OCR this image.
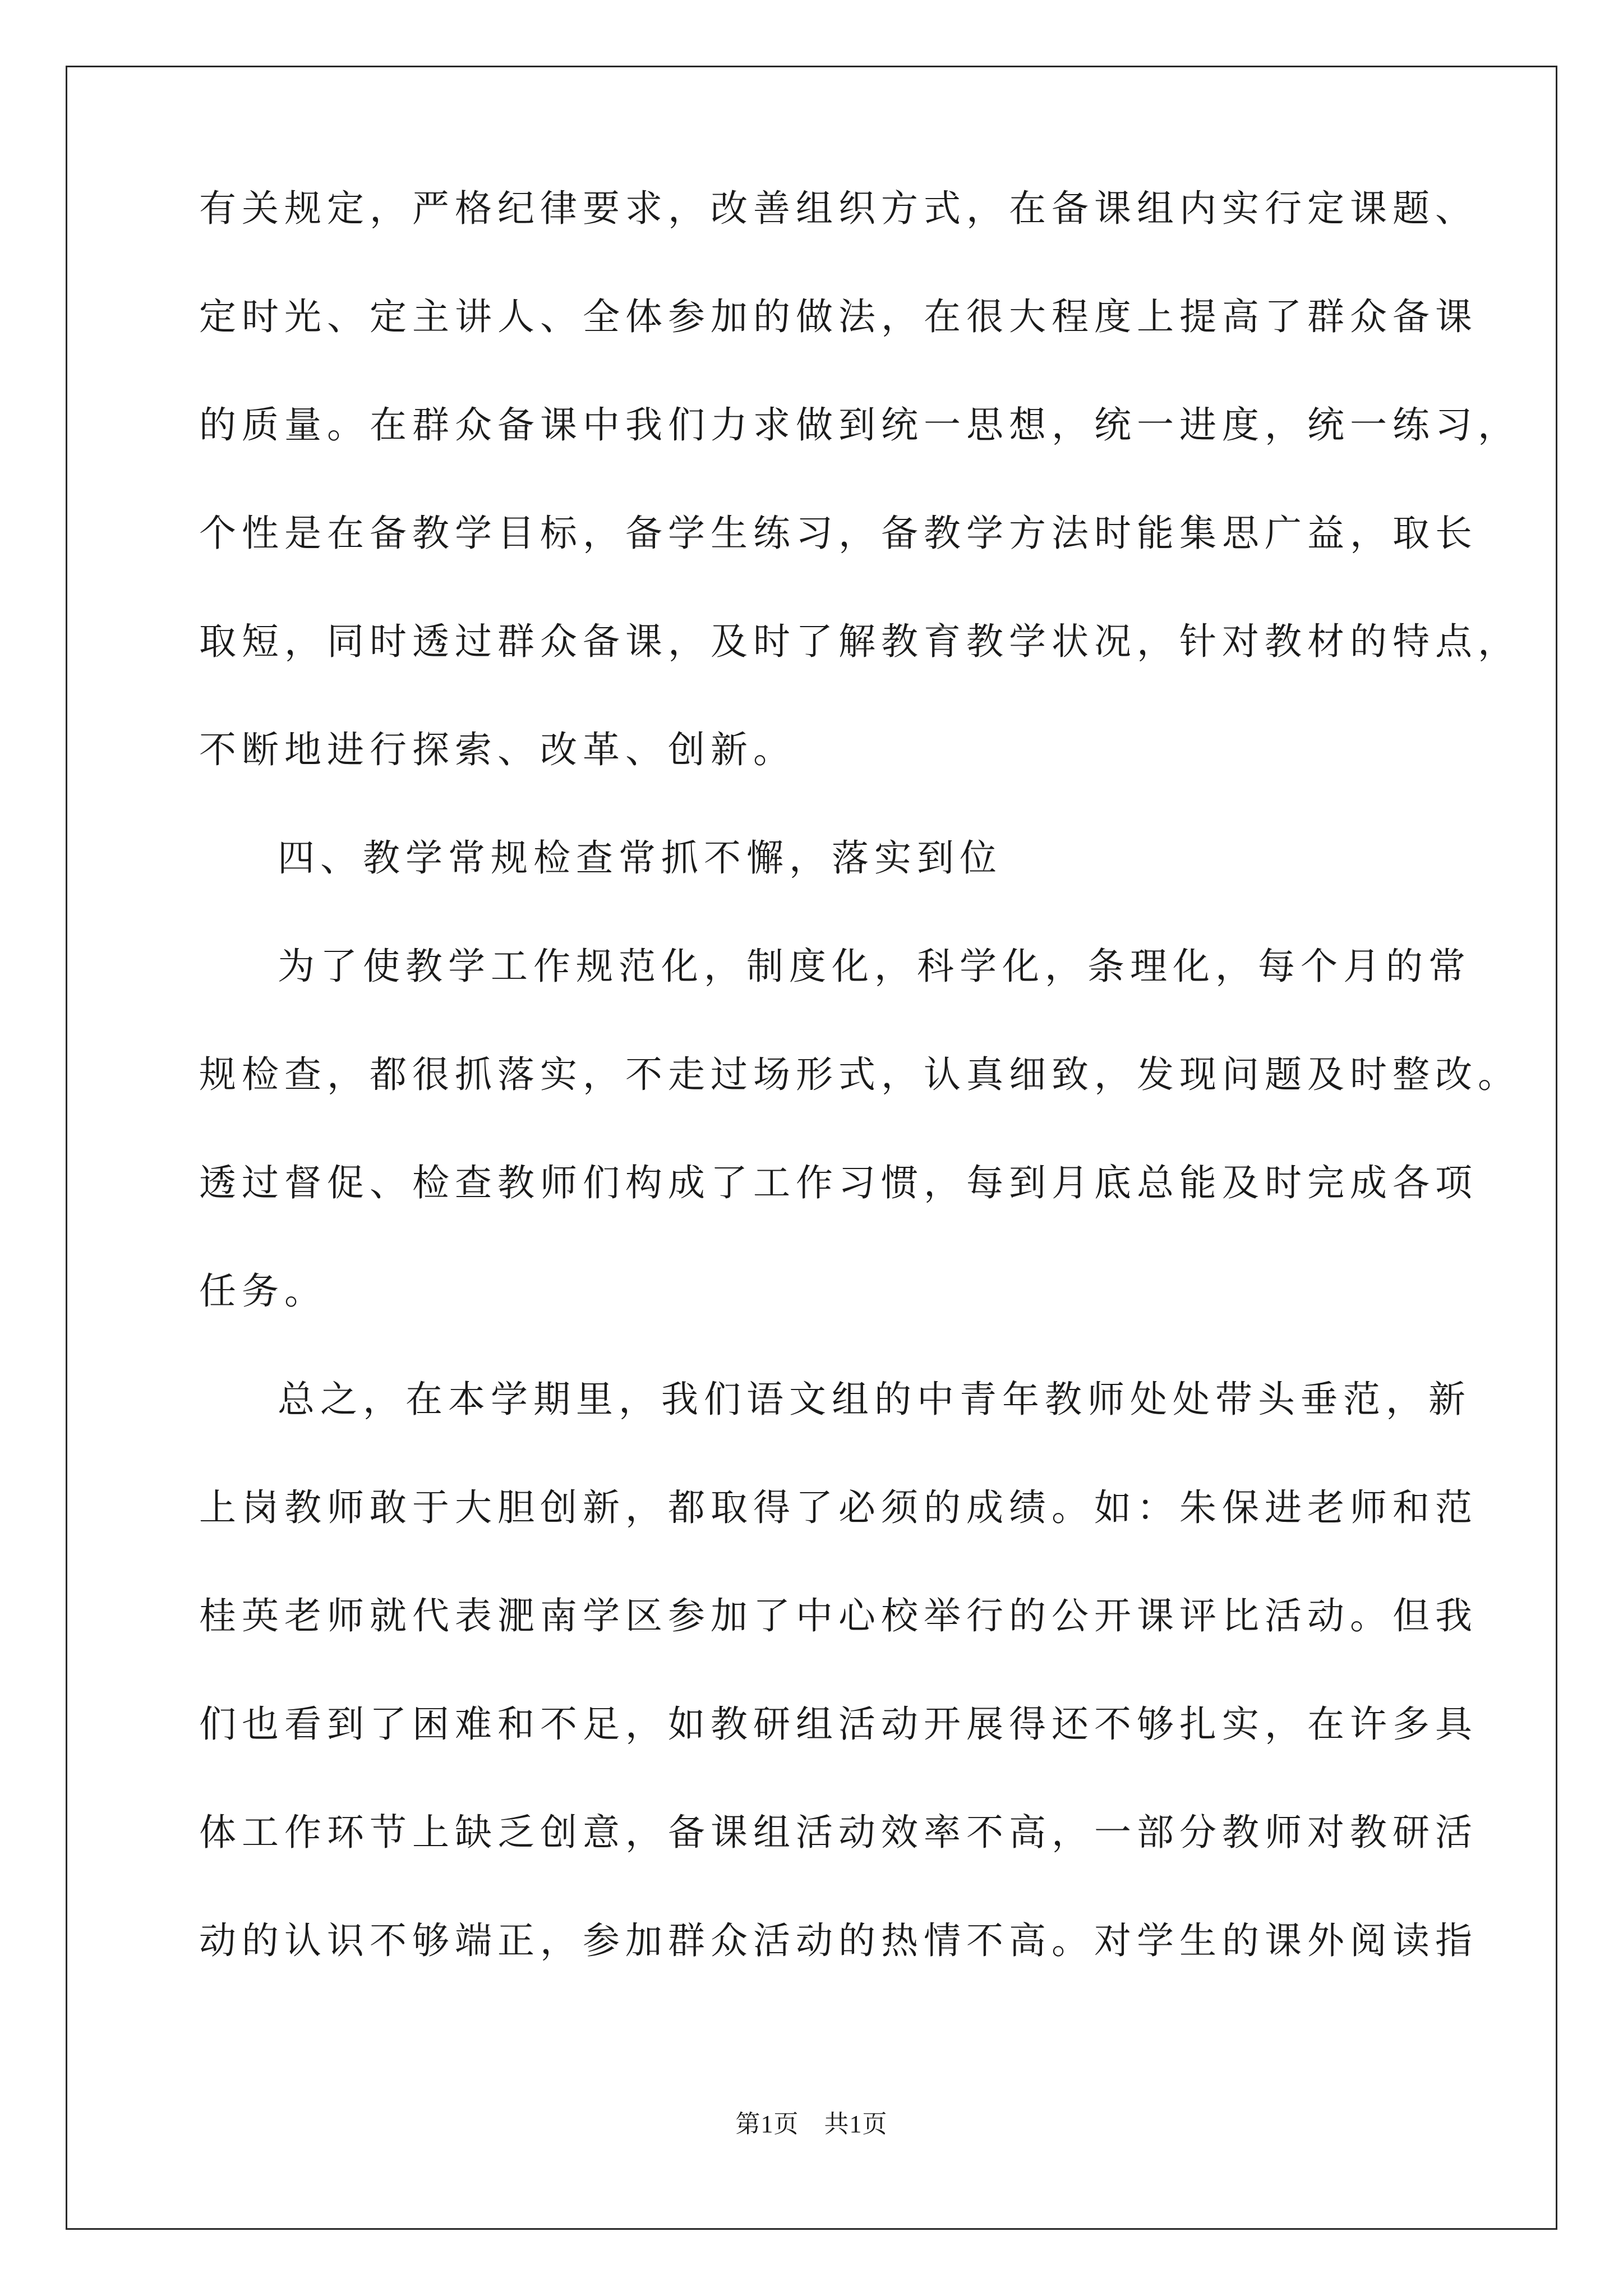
有关规定，严格纪律要求，改善组织方式，在备课组内实行定课题、
定时光、定主讲人、全体参加的做法，在很大程度上提高了群众备课
的质量。在群众备课中我们力求做到统一思想，统一进度，统一练习，
个性是在备教学目标，备学生练习，备教学方法时能集思广益，取长
取短，同时透过群众备课，及时了解教育教学状况，针对教材的特点，
不断地进行探索、改革、创新。
四、教学常规检查常抓不懈，落实到位
为了使教学工作规范化，制度化，科学化，条理化，每个月的常
规检查，都很抓落实，不走过场形式，认真细致，发现问题及时整改。
透过督促、检查教师们构成了工作习惯，每到月底总能及时完成各项
任务。
总之，在本学期里，我们语文组的中青年教师处处带头垂范，新
上岗教师敢于大胆创新，都取得了必须的成绩。如：朱保进老师和范
桂英老师就代表淝南学区参加了中心校举行的公开课评比活动。但我
们也看到了困难和不足，如教研组活动开展得还不够扎实，在许多具
体工作环节上缺乏创意，备课组活动效率不高，一部分教师对教研活
动的认识不够端正，参加群众活动的热情不高。对学生的课外阅读指
第1页　共1页
